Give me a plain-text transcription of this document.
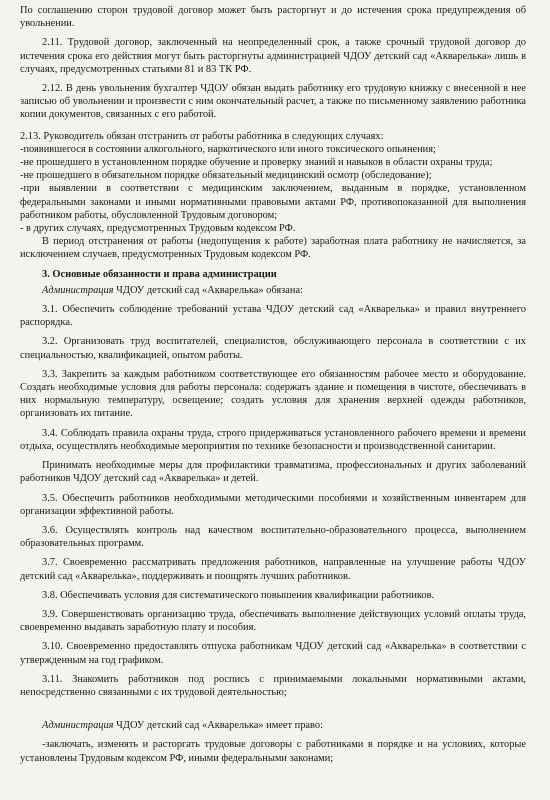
По соглашению сторон трудовой договор может быть расторгнут и до истечения срока предупреждения об увольнении.

2.11. Трудовой договор, заключенный на неопределенный срок, а также срочный трудовой договор до истечения срока его действия могут быть расторгнуты администрацией ЧДОУ детский сад «Акварелька» лишь в случаях, предусмотренных статьями 81 и 83 ТК РФ.

2.12. В день увольнения бухгалтер ЧДОУ обязан выдать работнику его трудовую книжку с внесенной в нее записью об увольнении и произвести с ним окончательный расчет, а также по письменному заявлению работника копии документов, связанных с его работой.

2.13. Руководитель обязан отстранить от работы работника в следующих случаях:

-появившегося в состоянии алкогольного, наркотического или иного токсического опьянения;

-не прошедшего в установленном порядке обучение и проверку знаний и навыков в области охраны труда;

-не прошедшего в обязательном порядке обязательный медицинский осмотр (обследование);

-при выявлении в соответствии с медицинским заключением, выданным в порядке, установленном федеральными законами и иными нормативными правовыми актами РФ, противопоказанной для выполнения работником работы, обусловленной Трудовым договором;

- в других случаях, предусмотренных Трудовым кодексом РФ.

В период отстранения от работы (недопущения к работе) заработная плата работнику не начисляется, за исключением случаев, предусмотренных Трудовым кодексом РФ.

3. Основные обязанности и права администрации

Администрация ЧДОУ детский сад «Акварелька» обязана:

3.1. Обеспечить соблюдение требований устава ЧДОУ детский сад «Акварелька» и правил внутреннего распорядка.

3.2. Организовать труд воспитателей, специалистов, обслуживающего персонала в соответствии с их специальностью, квалификацией, опытом работы.

3.3. Закрепить за каждым работником соответствующее его обязанностям рабочее место и оборудование. Создать необходимые условия для работы персонала: содержать здание и помещения в чистоте, обеспечивать в них нормальную температуру, освещение; создать условия для хранения верхней одежды работников, организовать их питание.

3.4. Соблюдать правила охраны труда, строго придерживаться установленного рабочего времени и времени отдыха, осуществлять необходимые мероприятия по технике безопасности и производственной санитарии.

Принимать необходимые меры для профилактики травматизма, профессиональных и других заболеваний работников ЧДОУ детский сад «Акварелька» и детей.

3.5. Обеспечить работников необходимыми методическими пособиями и хозяйственным инвентарем для организации эффективной работы.

3.6. Осуществлять контроль над качеством воспитательно-образовательного процесса, выполнением образовательных программ.

3.7. Своевременно рассматривать предложения работников, направленные на улучшение работы ЧДОУ детский сад «Акварелька», поддерживать и поощрять лучших работников.

3.8. Обеспечивать условия для систематического повышения квалификации работников.

3.9. Совершенствовать организацию труда, обеспечивать выполнение действующих условий оплаты труда, своевременно выдавать заработную плату и пособия.

3.10. Своевременно предоставлять отпуска работникам ЧДОУ детский сад «Акварелька» в соответствии с утвержденным на год графиком.

3.11. Знакомить работников под роспись с принимаемыми локальными нормативными актами, непосредственно связанными с их трудовой деятельностью;

Администрация ЧДОУ детский сад «Акварелька» имеет право:

-заключать, изменять и расторгать трудовые договоры с работниками в порядке и на условиях, которые установлены Трудовым кодексом РФ, иными федеральными законами;
